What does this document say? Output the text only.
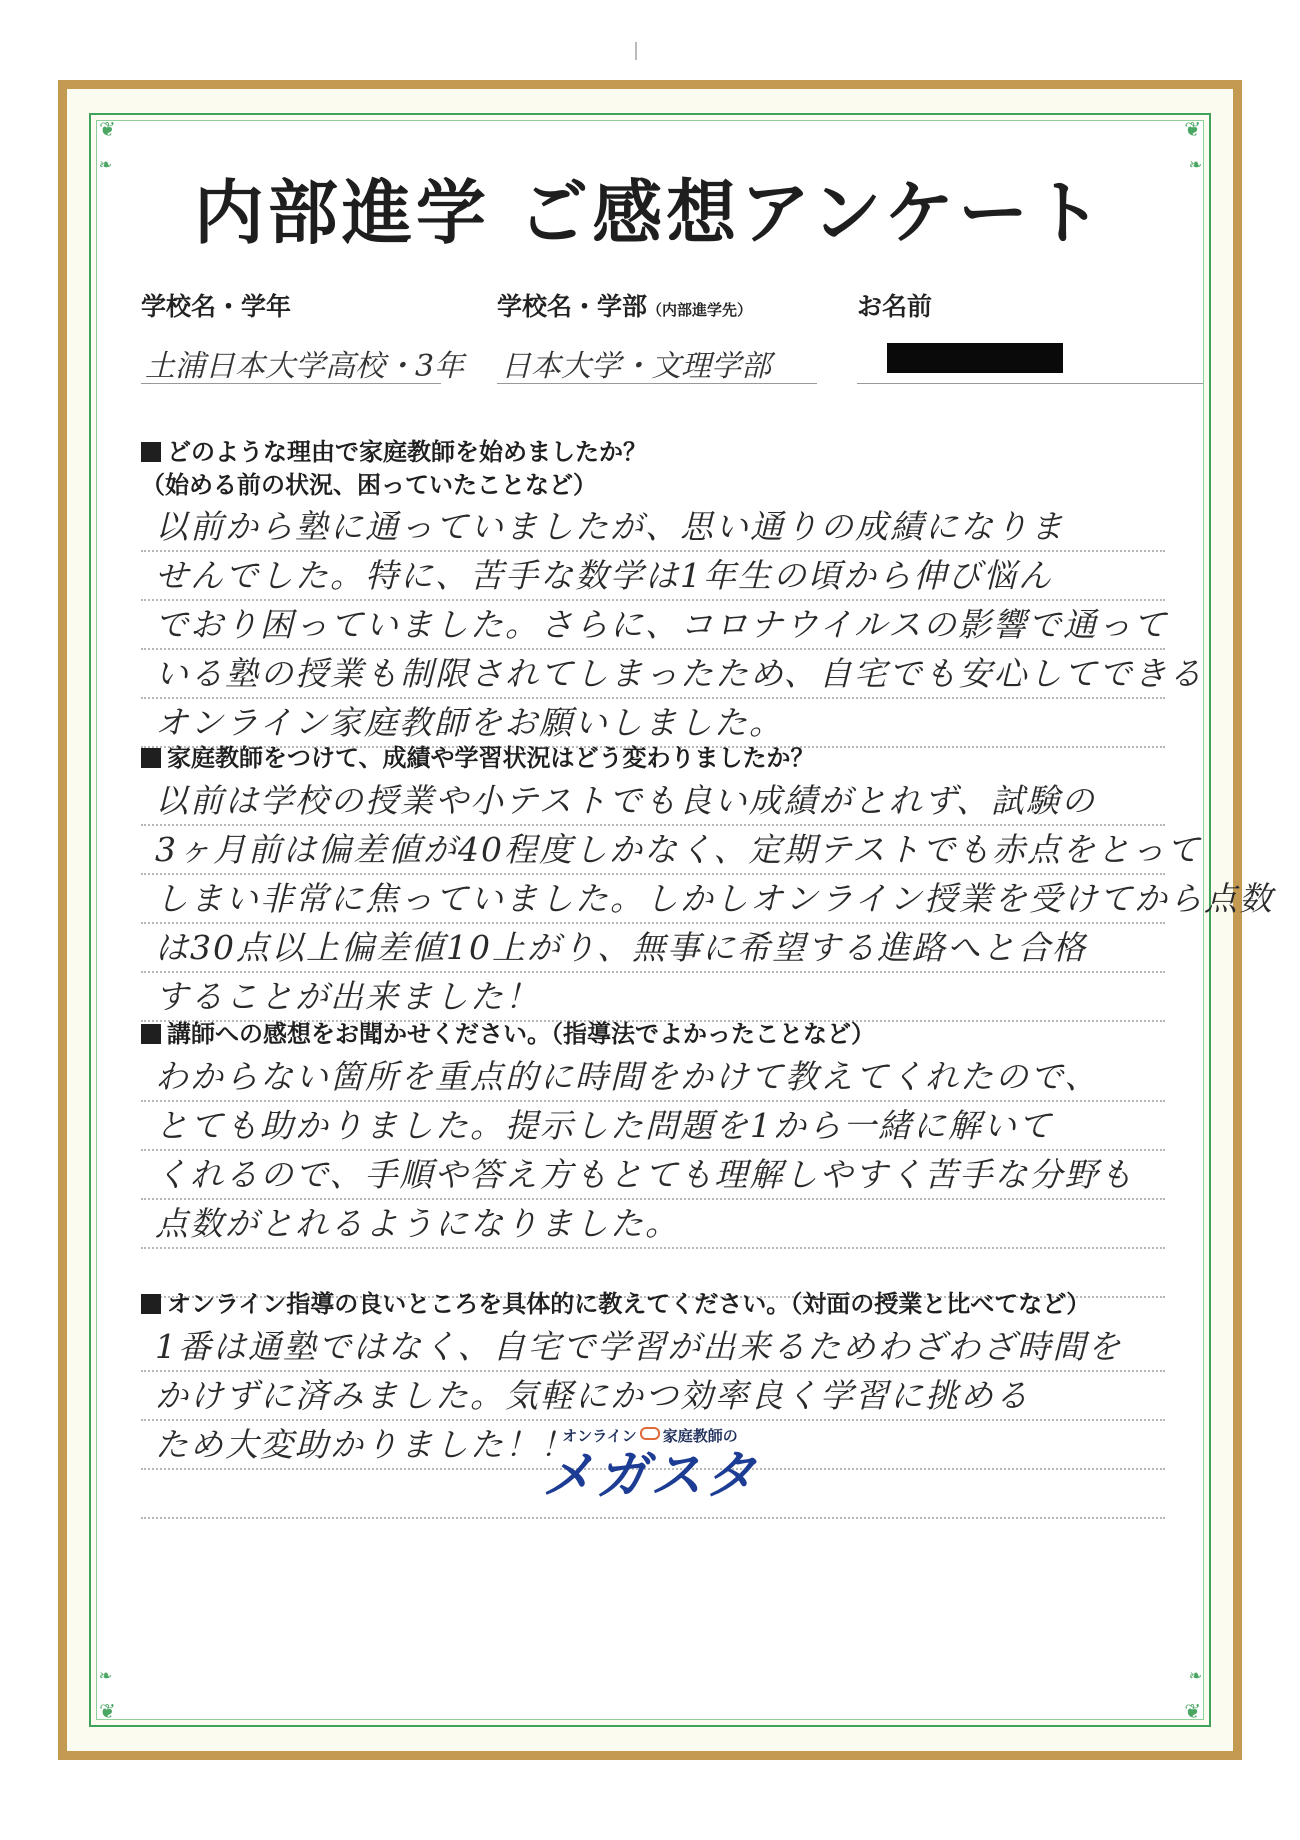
❦	❦
❦	❦
❧	❧
❧	❧
内部進学 ご感想アンケート
学校名・学年
土浦日本大学高校・3年
学校名・学部（内部進学先）
日本大学・文理学部
お名前
どのような理由で家庭教師を始めましたか？
（始める前の状況、困っていたことなど）
以前から塾に通っていましたが、思い通りの成績になりま
せんでした。特に、苦手な数学は1年生の頃から伸び悩ん
でおり困っていました。さらに、コロナウイルスの影響で通って
いる塾の授業も制限されてしまったため、自宅でも安心してできる
オンライン家庭教師をお願いしました。
家庭教師をつけて、成績や学習状況はどう変わりましたか？
以前は学校の授業や小テストでも良い成績がとれず、試験の
3ヶ月前は偏差値が40程度しかなく、定期テストでも赤点をとって
しまい非常に焦っていました。しかしオンライン授業を受けてから点数
は30点以上偏差値10上がり、無事に希望する進路へと合格
することが出来ました！
講師への感想をお聞かせください。（指導法でよかったことなど）
わからない箇所を重点的に時間をかけて教えてくれたので、
とても助かりました。提示した問題を1から一緒に解いて
くれるので、手順や答え方もとても理解しやすく苦手な分野も
点数がとれるようになりました。
オンライン指導の良いところを具体的に教えてください。（対面の授業と比べてなど）
1番は通塾ではなく、自宅で学習が出来るためわざわざ時間を
かけずに済みました。気軽にかつ効率良く学習に挑める
ため大変助かりました！！
オンライン 家庭教師の
メガスタ
